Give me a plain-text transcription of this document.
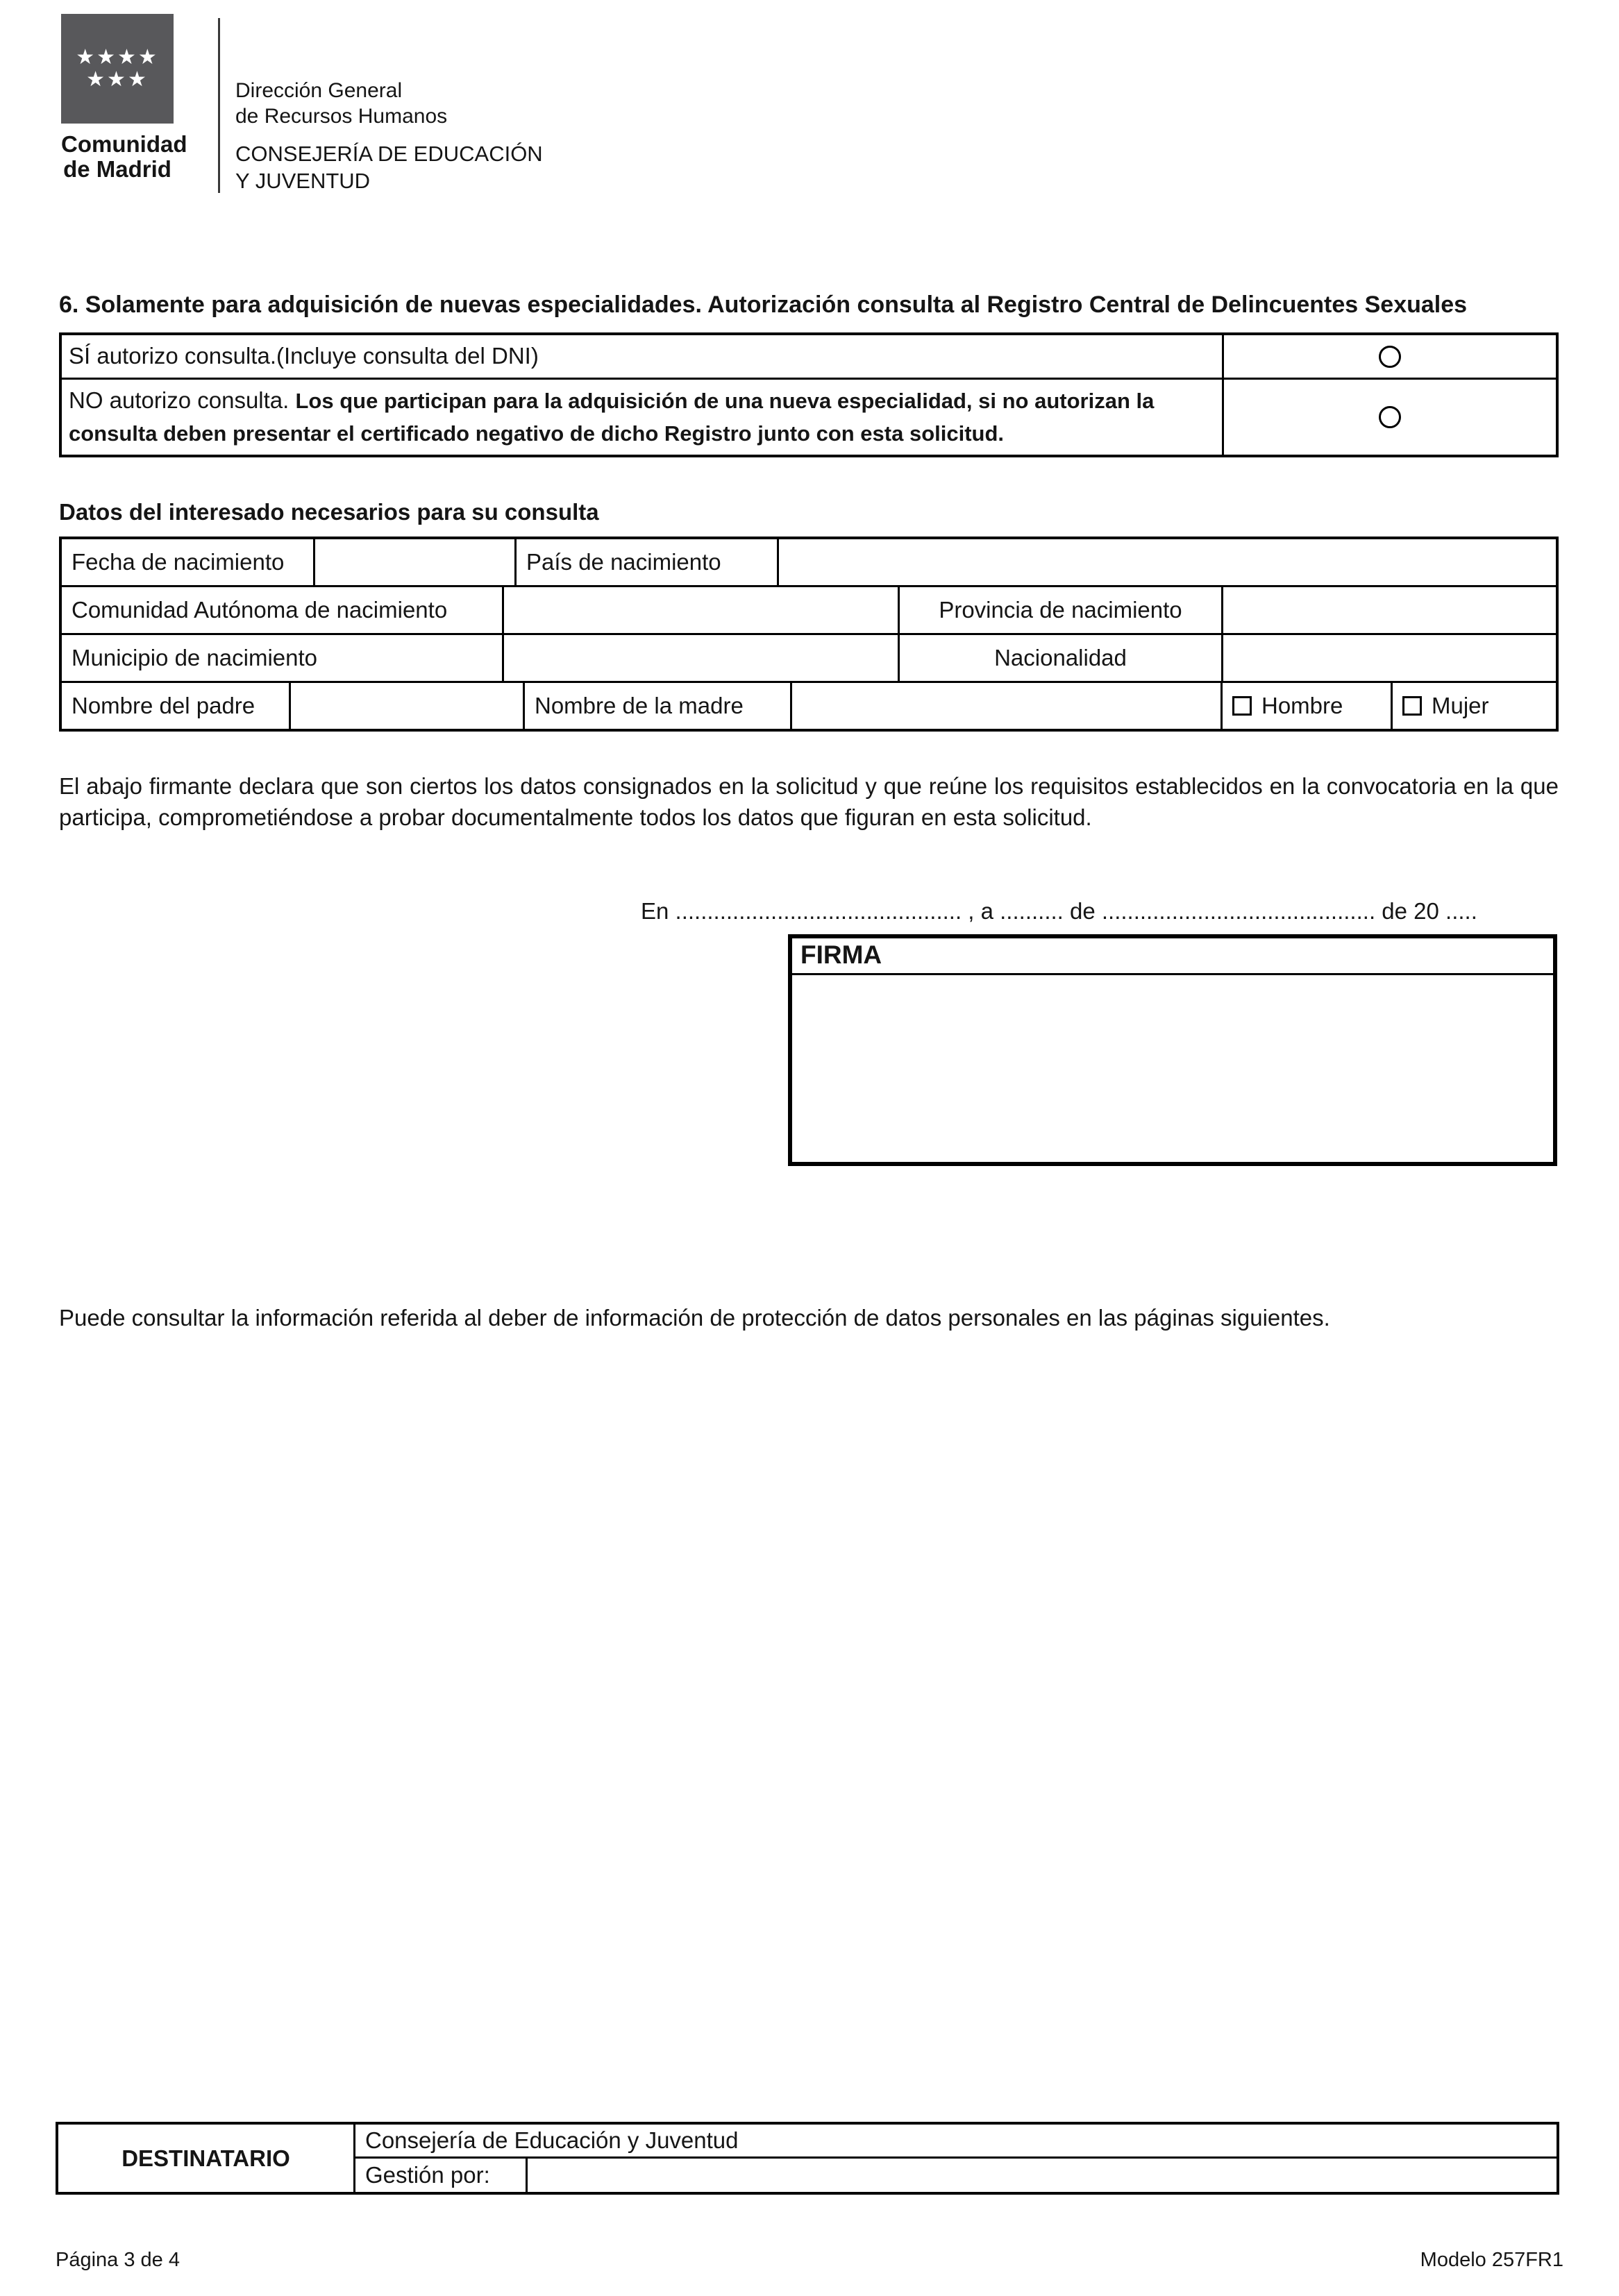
★★★★
★★★
Comunidad
de Madrid
Dirección General
de Recursos Humanos
CONSEJERÍA DE EDUCACIÓN
Y JUVENTUD
6. Solamente para adquisición de nuevas especialidades. Autorización consulta al Registro Central de Delincuentes Sexuales
SÍ autorizo consulta.(Incluye consulta del DNI)
NO autorizo consulta. Los que participan para la adquisición de una nueva especialidad, si no autorizan la consulta deben presentar el certificado negativo de dicho Registro junto con esta solicitud.
Datos del interesado necesarios para su consulta
Fecha de nacimiento	País de nacimiento
Comunidad Autónoma de nacimiento	Provincia de nacimiento
Municipio de nacimiento	Nacionalidad
Nombre del padre	Nombre de la madre	Hombre	Mujer
El abajo firmante declara que son ciertos los datos consignados en la solicitud y que reúne los requisitos establecidos en la convocatoria en la que participa, comprometiéndose a probar documentalmente todos los datos que figuran en esta solicitud.
En ............................................. , a .......... de ........................................... de 20 .....
FIRMA
Puede consultar la información referida al deber de información de protección de datos personales en las páginas siguientes.
DESTINATARIO
Consejería de Educación y Juventud
Gestión por:
Página 3 de 4	Modelo 257FR1
